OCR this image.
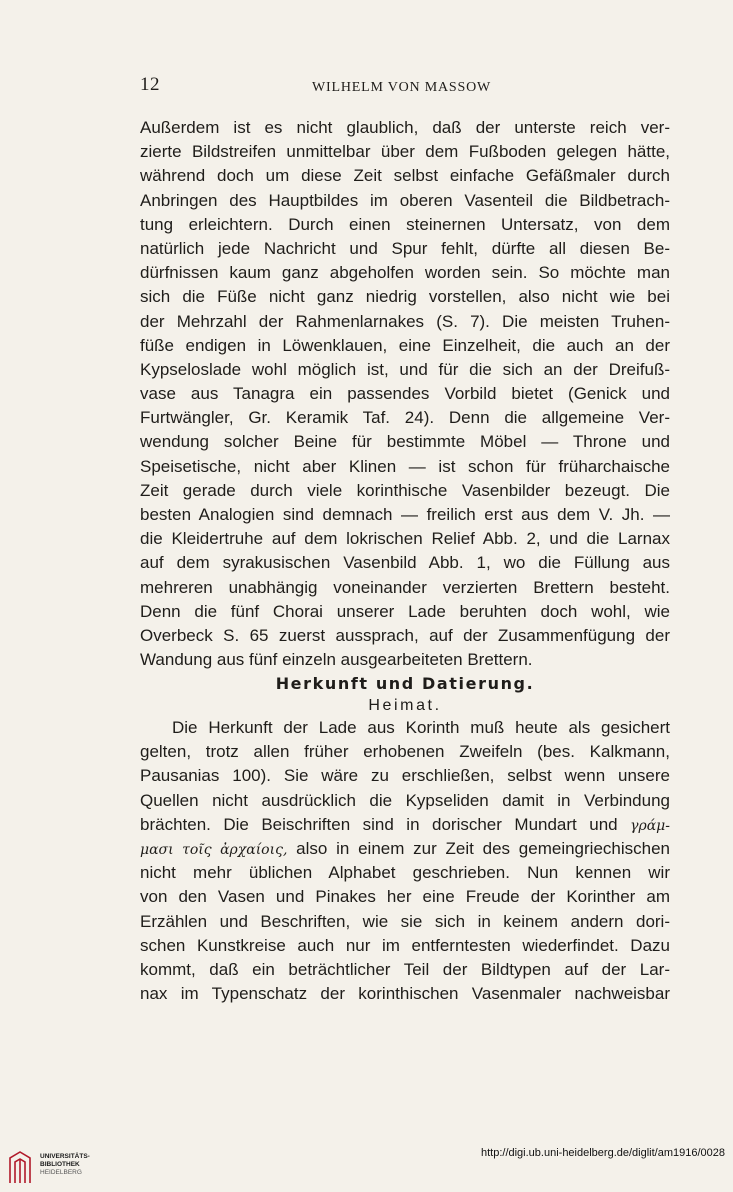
12	WILHELM VON MASSOW
Außerdem ist es nicht glaublich, daß der unterste reich ver-
zierte Bildstreifen unmittelbar über dem Fußboden gelegen hätte,
während doch um diese Zeit selbst einfache Gefäßmaler durch
Anbringen des Hauptbildes im oberen Vasenteil die Bildbetrach-
tung erleichtern. Durch einen steinernen Untersatz, von dem
natürlich jede Nachricht und Spur fehlt, dürfte all diesen Be-
dürfnissen kaum ganz abgeholfen worden sein. So möchte man
sich die Füße nicht ganz niedrig vorstellen, also nicht wie bei
der Mehrzahl der Rahmenlarnakes (S. 7). Die meisten Truhen-
füße endigen in Löwenklauen, eine Einzelheit, die auch an der
Kypseloslade wohl möglich ist, und für die sich an der Dreifuß-
vase aus Tanagra ein passendes Vorbild bietet (Genick und
Furtwängler, Gr. Keramik Taf. 24). Denn die allgemeine Ver-
wendung solcher Beine für bestimmte Möbel — Throne und
Speisetische, nicht aber Klinen — ist schon für früharchaische
Zeit gerade durch viele korinthische Vasenbilder bezeugt. Die
besten Analogien sind demnach — freilich erst aus dem V. Jh. —
die Kleidertruhe auf dem lokrischen Relief Abb. 2, und die Larnax
auf dem syrakusischen Vasenbild Abb. 1, wo die Füllung aus
mehreren unabhängig voneinander verzierten Brettern besteht.
Denn die fünf Chorai unserer Lade beruhten doch wohl, wie
Overbeck S. 65 zuerst aussprach, auf der Zusammenfügung der
Wandung aus fünf einzeln ausgearbeiteten Brettern.
Herkunft und Datierung.
Heimat.
Die Herkunft der Lade aus Korinth muß heute als gesichert
gelten, trotz allen früher erhobenen Zweifeln (bes. Kalkmann,
Pausanias 100). Sie wäre zu erschließen, selbst wenn unsere
Quellen nicht ausdrücklich die Kypseliden damit in Verbindung
brächten. Die Beischriften sind in dorischer Mundart und γράμ-
μασι τοῖς ἀρχαίοις, also in einem zur Zeit des gemeingriechischen
nicht mehr üblichen Alphabet geschrieben. Nun kennen wir
von den Vasen und Pinakes her eine Freude der Korinther am
Erzählen und Beschriften, wie sie sich in keinem andern dori-
schen Kunstkreise auch nur im entferntesten wiederfindet. Dazu
kommt, daß ein beträchtlicher Teil der Bildtypen auf der Lar-
nax im Typenschatz der korinthischen Vasenmaler nachweisbar
UNIVERSITÄTS-
BIBLIOTHEK
HEIDELBERG
http://digi.ub.uni-heidelberg.de/diglit/am1916/0028
